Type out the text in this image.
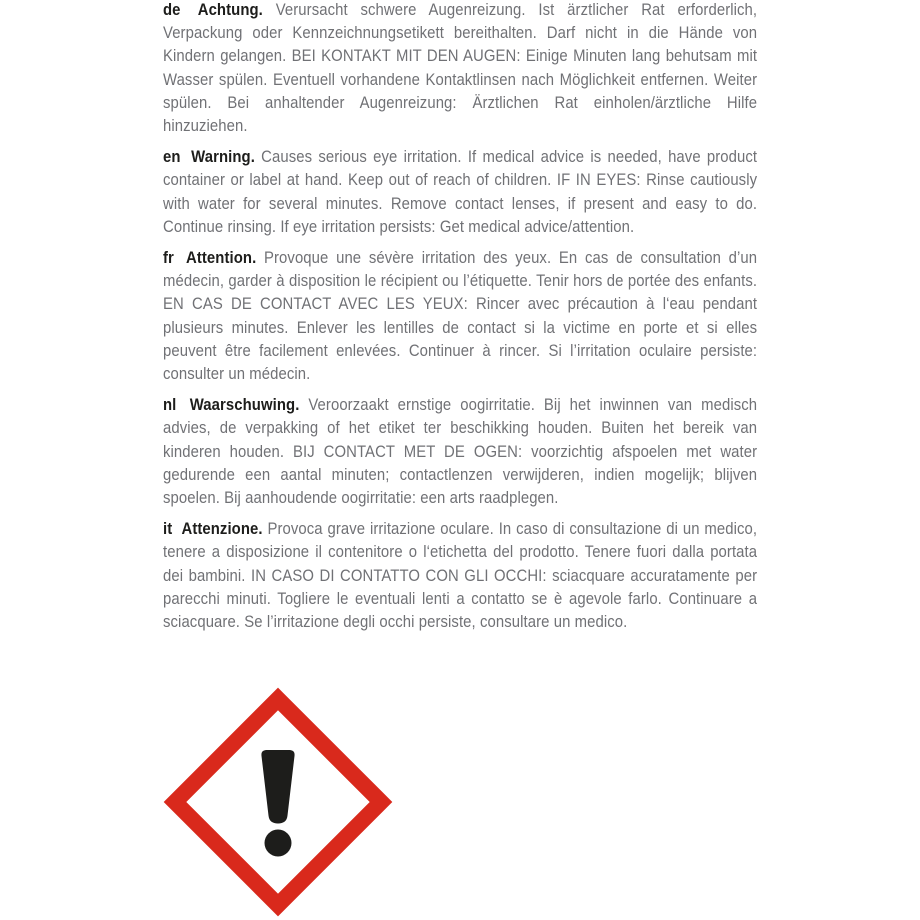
de Achtung. Verursacht schwere Augenreizung. Ist ärztlicher Rat erforderlich, Verpackung oder Kennzeichnungsetikett bereithalten. Darf nicht in die Hände von Kindern gelangen. BEI KONTAKT MIT DEN AUGEN: Einige Minuten lang behutsam mit Wasser spülen. Eventuell vorhandene Kontaktlinsen nach Möglichkeit entfernen. Weiter spülen. Bei anhaltender Augenreizung: Ärztlichen Rat einholen/ärztliche Hilfe hinzuziehen.

en Warning. Causes serious eye irritation. If medical advice is needed, have product container or label at hand. Keep out of reach of children. IF IN EYES: Rinse cautiously with water for several minutes. Remove contact lenses, if present and easy to do. Continue rinsing. If eye irritation persists: Get medical advice/attention.

fr Attention. Provoque une sévère irritation des yeux. En cas de consultation d’un médecin, garder à disposition le récipient ou l’étiquette. Tenir hors de portée des enfants. EN CAS DE CONTACT AVEC LES YEUX: Rincer avec précaution à l‘eau pendant plusieurs minutes. Enlever les lentilles de contact si la victime en porte et si elles peuvent être facilement enlevées. Continuer à rincer. Si l’irritation oculaire persiste: consulter un médecin.

nl Waarschuwing. Veroorzaakt ernstige oogirritatie. Bij het inwinnen van medisch advies, de verpakking of het etiket ter beschikking houden. Buiten het bereik van kinderen houden. BIJ CONTACT MET DE OGEN: voorzichtig afspoelen met water gedurende een aantal minuten; contactlenzen verwijderen, indien mogelijk; blijven spoelen. Bij aanhoudende oogirritatie: een arts raadplegen.

it Attenzione. Provoca grave irritazione oculare. In caso di consultazione di un medico, tenere a disposizione il contenitore o l‘etichetta del prodotto. Tenere fuori dalla portata dei bambini. IN CASO DI CONTATTO CON GLI OCCHI: sciacquare accuratamente per parecchi minuti. Togliere le eventuali lenti a contatto se è agevole farlo. Continuare a sciacquare. Se l’irritazione degli occhi persiste, consultare un medico.
